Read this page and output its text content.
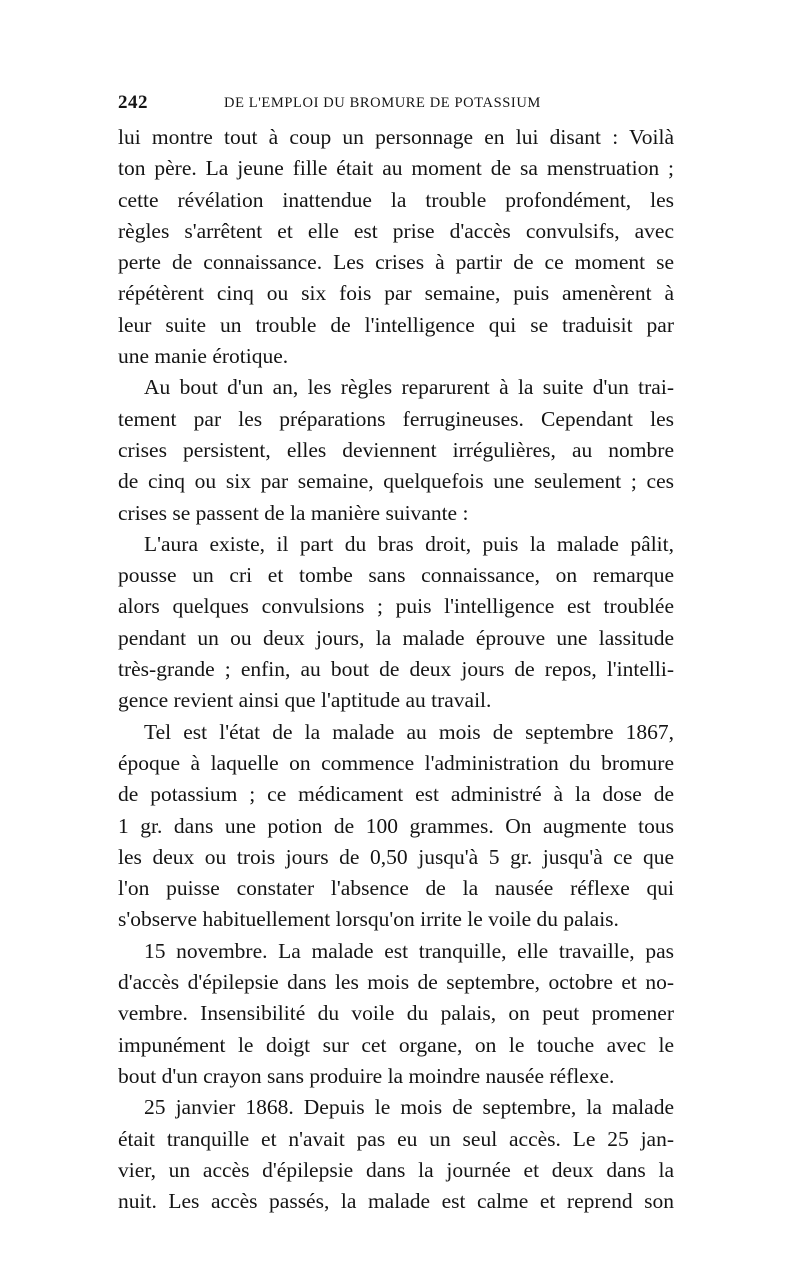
242	DE L'EMPLOI DU BROMURE DE POTASSIUM
lui montre tout à coup un personnage en lui disant : Voilà
ton père. La jeune fille était au moment de sa menstruation ;
cette révélation inattendue la trouble profondément, les
règles s'arrêtent et elle est prise d'accès convulsifs, avec
perte de connaissance. Les crises à partir de ce moment se
répétèrent cinq ou six fois par semaine, puis amenèrent à
leur suite un trouble de l'intelligence qui se traduisit par
une manie érotique.
Au bout d'un an, les règles reparurent à la suite d'un trai-
tement par les préparations ferrugineuses. Cependant les
crises persistent, elles deviennent irrégulières, au nombre
de cinq ou six par semaine, quelquefois une seulement ; ces
crises se passent de la manière suivante :
L'aura existe, il part du bras droit, puis la malade pâlit,
pousse un cri et tombe sans connaissance, on remarque
alors quelques convulsions ; puis l'intelligence est troublée
pendant un ou deux jours, la malade éprouve une lassitude
très-grande ; enfin, au bout de deux jours de repos, l'intelli-
gence revient ainsi que l'aptitude au travail.
Tel est l'état de la malade au mois de septembre 1867,
époque à laquelle on commence l'administration du bromure
de potassium ; ce médicament est administré à la dose de
1 gr. dans une potion de 100 grammes. On augmente tous
les deux ou trois jours de 0,50 jusqu'à 5 gr. jusqu'à ce que
l'on puisse constater l'absence de la nausée réflexe qui
s'observe habituellement lorsqu'on irrite le voile du palais.
15 novembre. La malade est tranquille, elle travaille, pas
d'accès d'épilepsie dans les mois de septembre, octobre et no-
vembre. Insensibilité du voile du palais, on peut promener
impunément le doigt sur cet organe, on le touche avec le
bout d'un crayon sans produire la moindre nausée réflexe.
25 janvier 1868. Depuis le mois de septembre, la malade
était tranquille et n'avait pas eu un seul accès. Le 25 jan-
vier, un accès d'épilepsie dans la journée et deux dans la
nuit. Les accès passés, la malade est calme et reprend son
